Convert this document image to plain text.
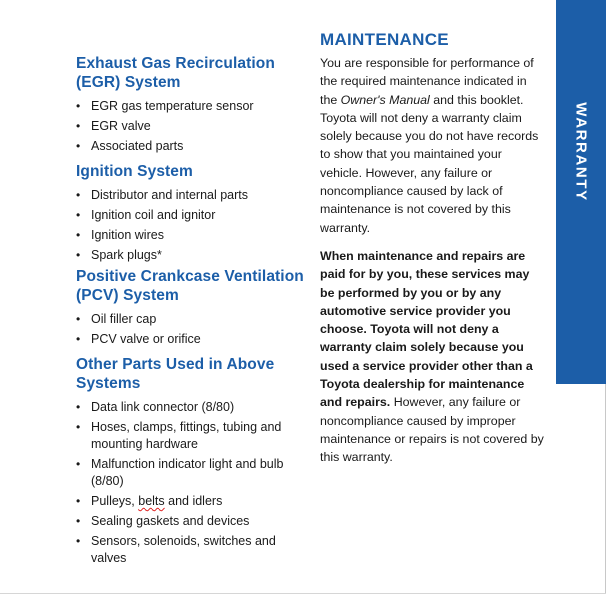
Exhaust Gas Recirculation
(EGR) System
• EGR gas temperature sensor
• EGR valve
• Associated parts
Ignition System
• Distributor and internal parts
• Ignition coil and ignitor
• Ignition wires
• Spark plugs*
Positive Crankcase Ventilation
(PCV) System
• Oil filler cap
• PCV valve or orifice
Other Parts Used in Above
Systems
• Data link connector (8/80)
• Hoses, clamps, fittings, tubing and mounting hardware
• Malfunction indicator light and bulb (8/80)
• Pulleys, belts and idlers
• Sealing gaskets and devices
• Sensors, solenoids, switches and valves
MAINTENANCE

You are responsible for performance of the required maintenance indicated in the Owner's Manual and this booklet. Toyota will not deny a warranty claim solely because you do not have records to show that you maintained your vehicle. However, any failure or noncompliance caused by lack of maintenance is not covered by this warranty.

When maintenance and repairs are paid for by you, these services may be performed by you or by any automotive service provider you choose. Toyota will not deny a warranty claim solely because you used a service provider other than a Toyota dealership for maintenance and repairs. However, any failure or noncompliance caused by improper maintenance or repairs is not covered by this warranty.

WARRANTY
